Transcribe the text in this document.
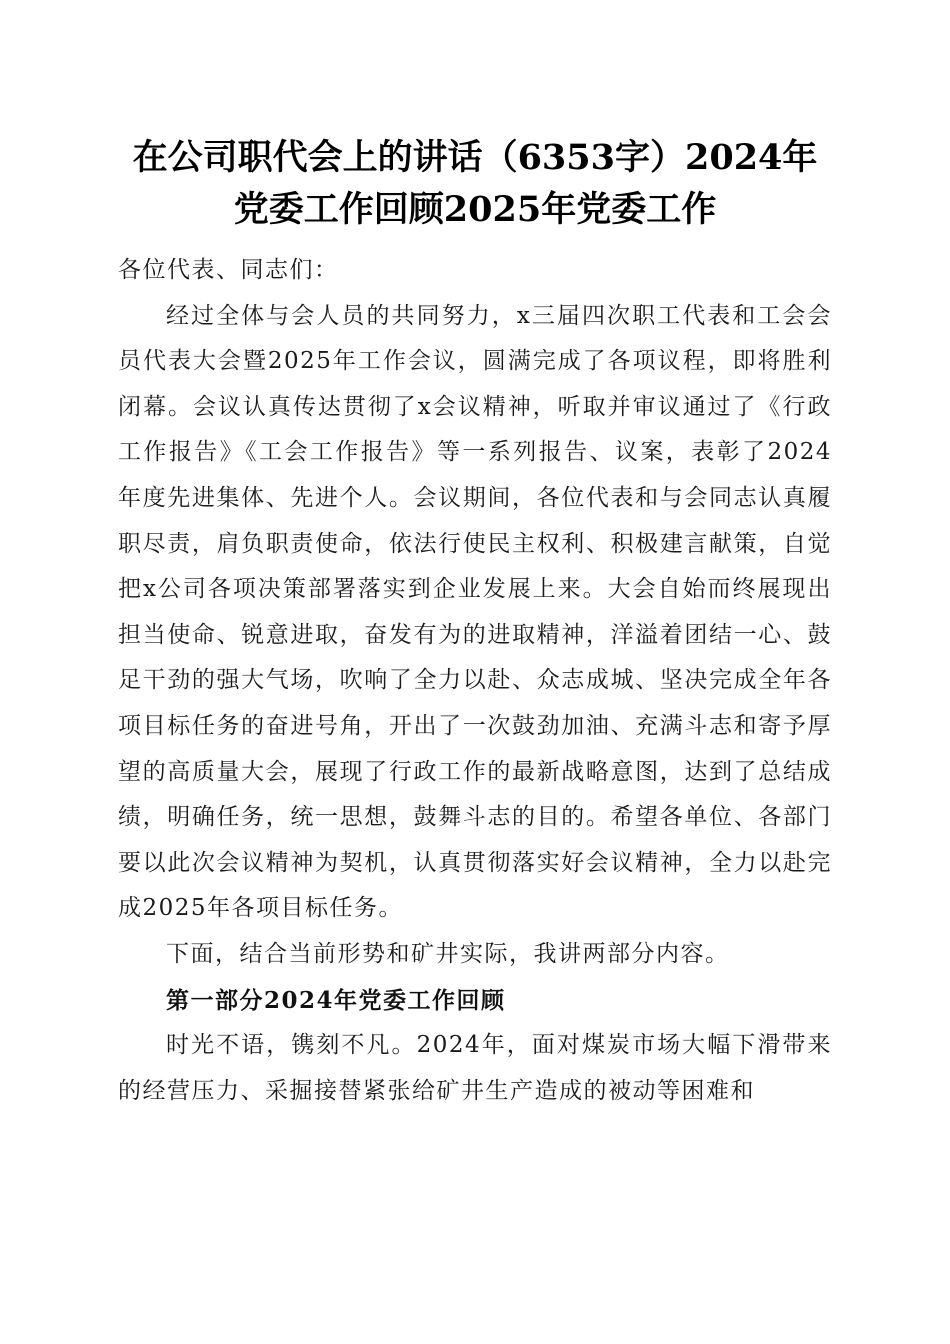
在公司职代会上的讲话（6353字）2024年党委工作回顾2025年党委工作

各位代表、同志们：

经过全体与会人员的共同努力，x三届四次职工代表和工会会员代表大会暨2025年工作会议，圆满完成了各项议程，即将胜利闭幕。会议认真传达贯彻了x会议精神，听取并审议通过了《行政工作报告》《工会工作报告》等一系列报告、议案，表彰了2024年度先进集体、先进个人。会议期间，各位代表和与会同志认真履职尽责，肩负职责使命，依法行使民主权利、积极建言献策，自觉把x公司各项决策部署落实到企业发展上来。大会自始而终展现出担当使命、锐意进取，奋发有为的进取精神，洋溢着团结一心、鼓足干劲的强大气场，吹响了全力以赴、众志成城、坚决完成全年各项目标任务的奋进号角，开出了一次鼓劲加油、充满斗志和寄予厚望的高质量大会，展现了行政工作的最新战略意图，达到了总结成绩，明确任务，统一思想，鼓舞斗志的目的。希望各单位、各部门要以此次会议精神为契机，认真贯彻落实好会议精神，全力以赴完成2025年各项目标任务。

下面，结合当前形势和矿井实际，我讲两部分内容。

第一部分2024年党委工作回顾

时光不语，镌刻不凡。2024年，面对煤炭市场大幅下滑带来的经营压力、采掘接替紧张给矿井生产造成的被动等困难和
